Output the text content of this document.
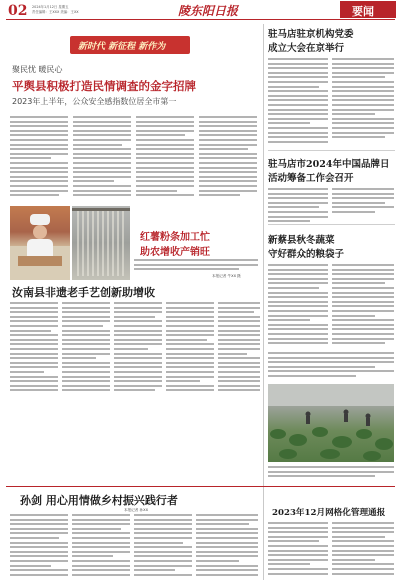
02 2024年1月12日 星期五
责任编辑：王XXX 美编：王XX	陵东阳日报	要闻
新时代 新征程 新作为
聚民忧 暖民心
平舆县积极打造民情调查的金字招牌
2023年上半年，公众安全感指数位居全市第一
红薯粉条加工忙
助农增收产销旺
本报记者 牛XX 摄
汝南县非遗老手艺创新助增收
驻马店驻京机构党委
成立大会在京举行
驻马店市2024年中国品牌日
活动筹备工作会召开
新蔡县秋冬蔬菜
守好群众的粮袋子
孙剑 用心用情做乡村振兴践行者
本报记者 孙XX	2023年12月网格化管理通报
